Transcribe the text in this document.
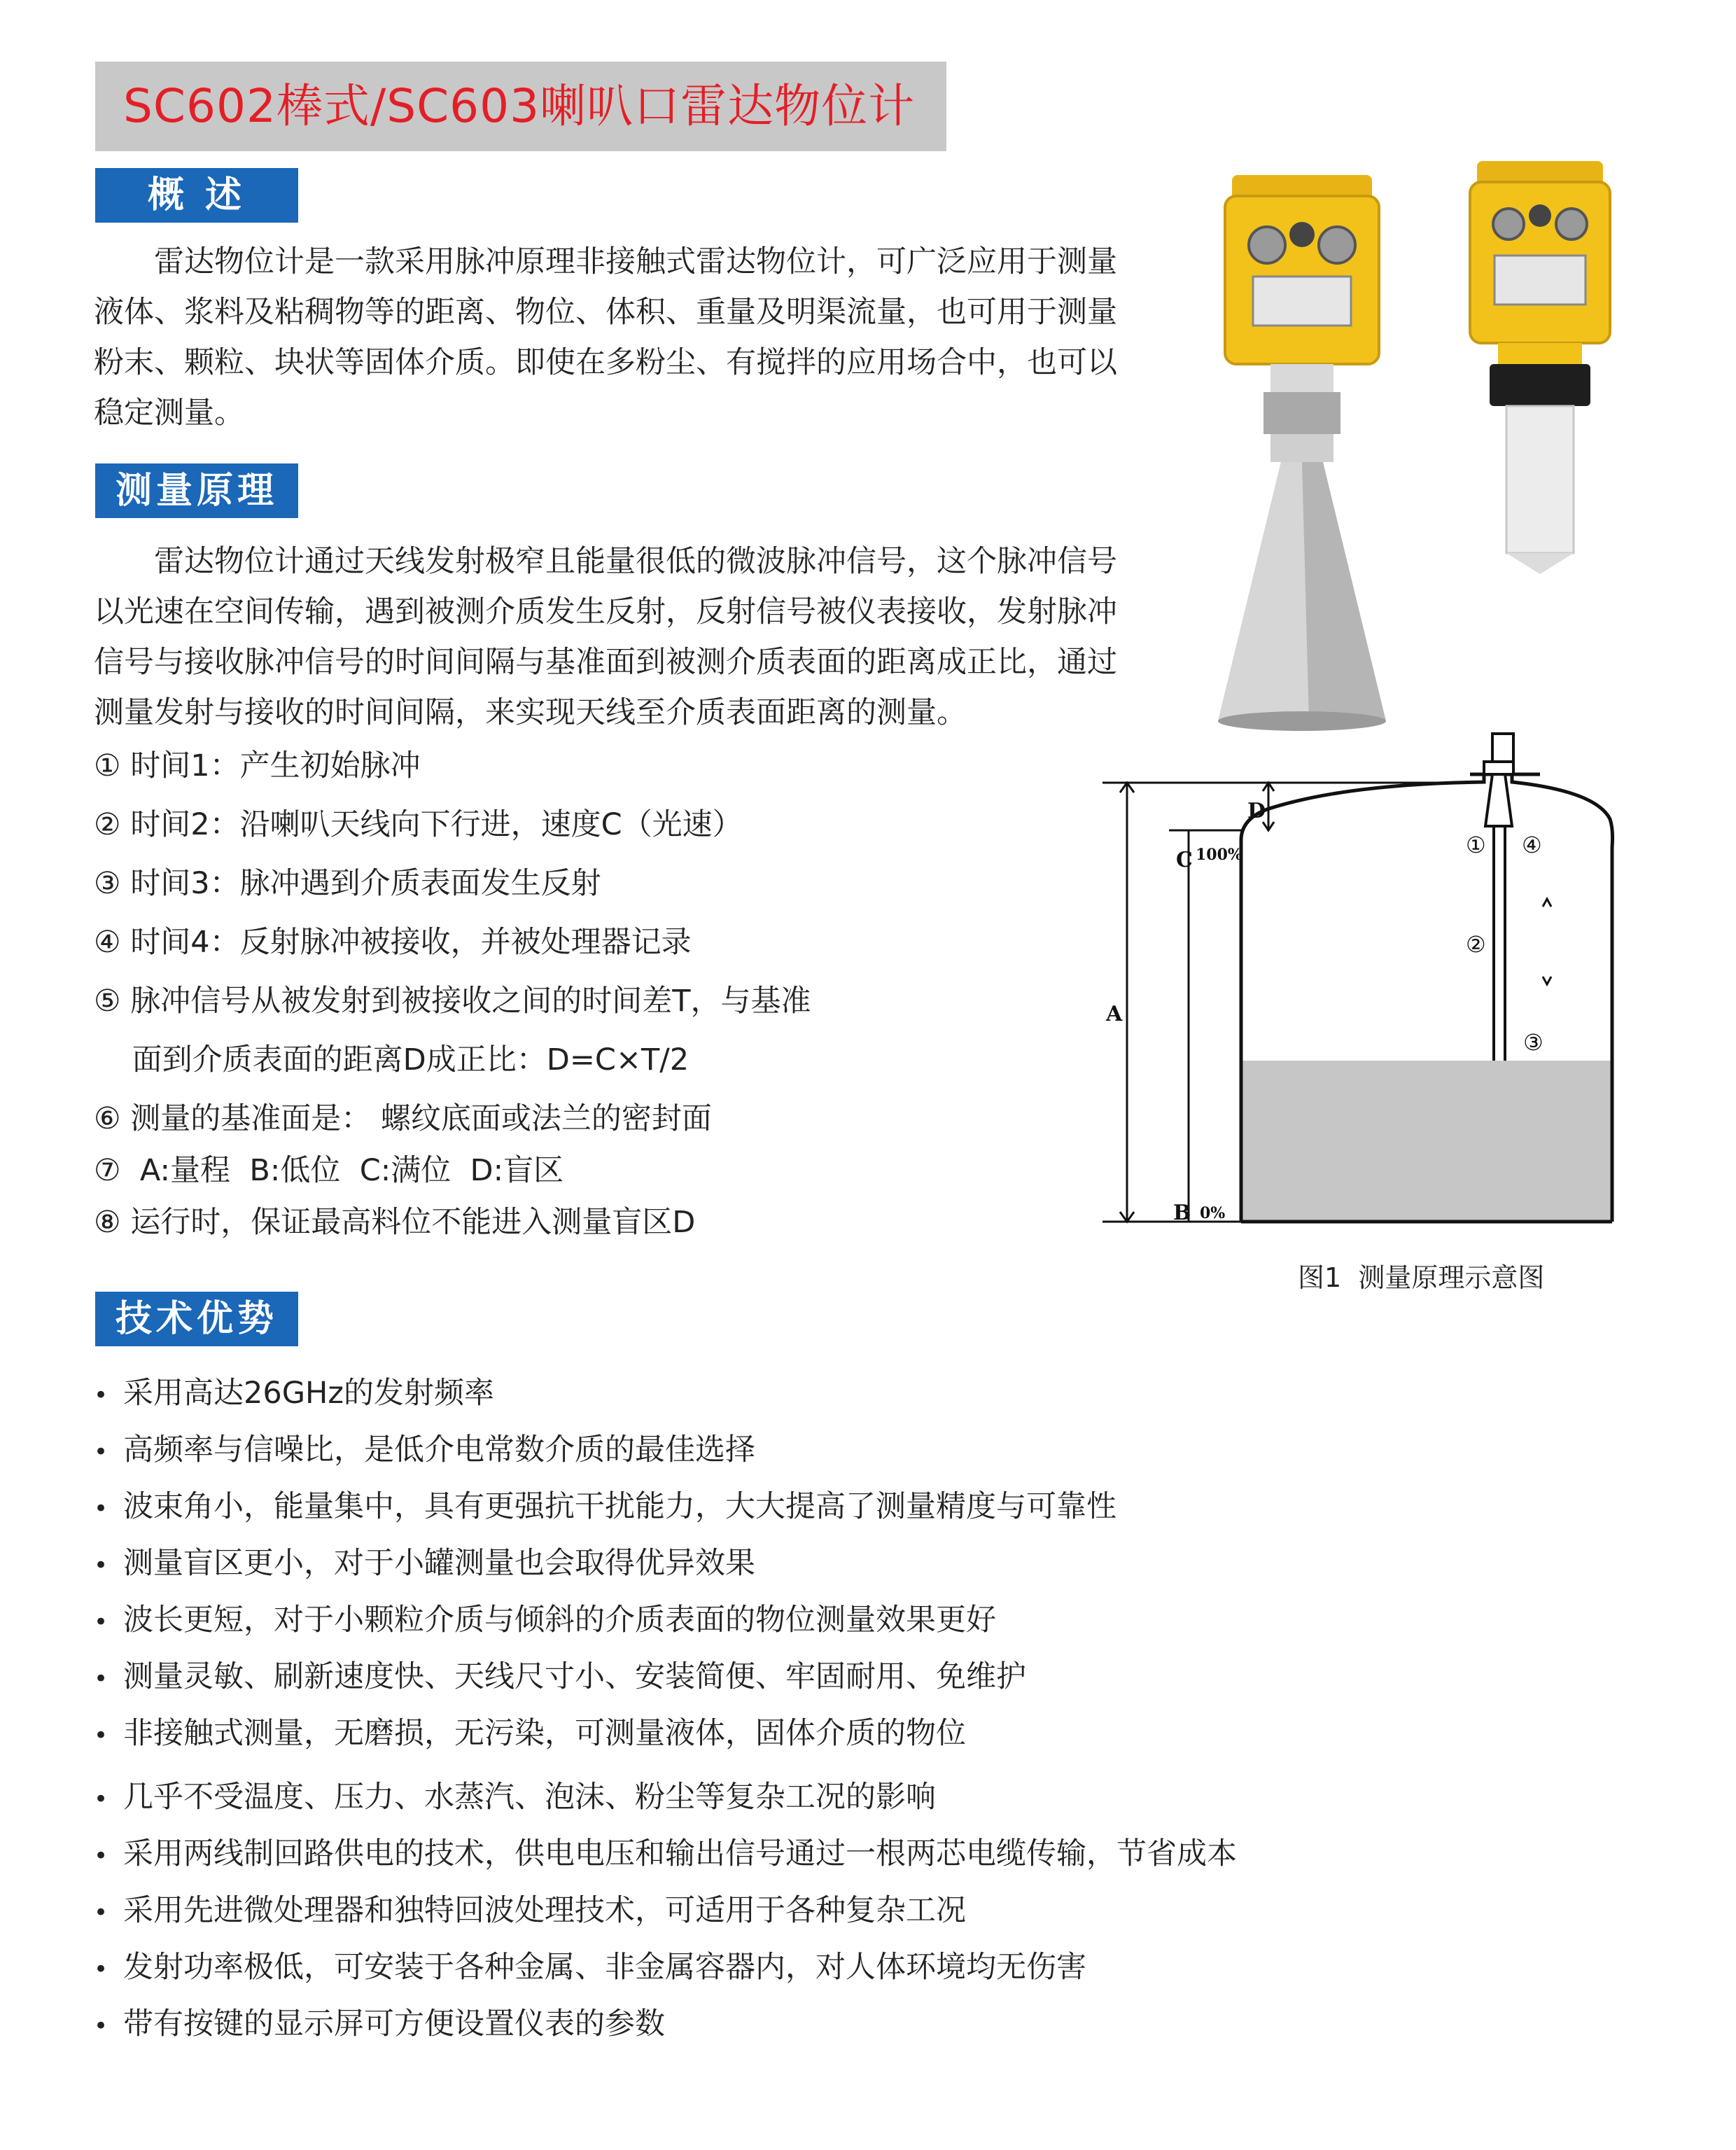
SC602棒式/SC603喇叭口雷达物位计
概 述
雷达物位计是一款采用脉冲原理非接触式雷达物位计，可广泛应用于测量
液体、浆料及粘稠物等的距离、物位、体积、重量及明渠流量，也可用于测量
粉末、颗粒、块状等固体介质。即使在多粉尘、有搅拌的应用场合中，也可以
稳定测量。
测量原理
雷达物位计通过天线发射极窄且能量很低的微波脉冲信号，这个脉冲信号
以光速在空间传输，遇到被测介质发生反射，反射信号被仪表接收，发射脉冲
信号与接收脉冲信号的时间间隔与基准面到被测介质表面的距离成正比，通过
测量发射与接收的时间间隔，来实现天线至介质表面距离的测量。
① 时间1：产生初始脉冲
② 时间2：沿喇叭天线向下行进，速度C（光速）
③ 时间3：脉冲遇到介质表面发生反射
④ 时间4：反射脉冲被接收，并被处理器记录
⑤ 脉冲信号从被发射到被接收之间的时间差T，与基准
面到介质表面的距离D成正比：D=C×T/2
⑥ 测量的基准面是： 螺纹底面或法兰的密封面
⑦  A:量程  B:低位  C:满位  D:盲区
⑧ 运行时，保证最高料位不能进入测量盲区D
D
C 100%
A
B 0%
① ④
②
③
图1  测量原理示意图
技术优势
• 采用高达26GHz的发射频率
• 高频率与信噪比，是低介电常数介质的最佳选择
• 波束角小，能量集中，具有更强抗干扰能力，大大提高了测量精度与可靠性
• 测量盲区更小，对于小罐测量也会取得优异效果
• 波长更短，对于小颗粒介质与倾斜的介质表面的物位测量效果更好
• 测量灵敏、刷新速度快、天线尺寸小、安装简便、牢固耐用、免维护
• 非接触式测量，无磨损，无污染，可测量液体，固体介质的物位
• 几乎不受温度、压力、水蒸汽、泡沫、粉尘等复杂工况的影响
• 采用两线制回路供电的技术，供电电压和输出信号通过一根两芯电缆传输，节省成本
• 采用先进微处理器和独特回波处理技术，可适用于各种复杂工况
• 发射功率极低，可安装于各种金属、非金属容器内，对人体环境均无伤害
• 带有按键的显示屏可方便设置仪表的参数
